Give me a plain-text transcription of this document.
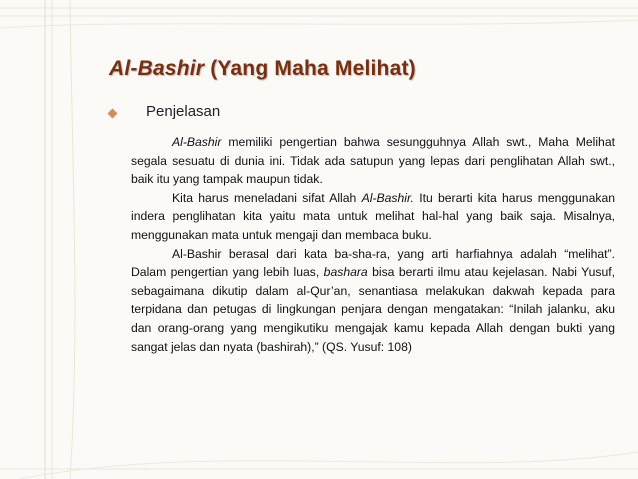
Al-Bashir (Yang Maha Melihat)
Penjelasan

Al-Bashir memiliki pengertian bahwa sesungguhnya Allah swt., Maha Melihat segala sesuatu di dunia ini. Tidak ada satupun yang lepas dari penglihatan Allah swt., baik itu yang tampak maupun tidak.

Kita harus meneladani sifat Allah Al-Bashir. Itu berarti kita harus menggunakan indera penglihatan kita yaitu mata untuk melihat hal-hal yang baik saja. Misalnya, menggunakan mata untuk mengaji dan membaca buku.

Al-Bashir berasal dari kata ba-sha-ra, yang arti harfiahnya adalah “melihat”. Dalam pengertian yang lebih luas, bashara bisa berarti ilmu atau kejelasan. Nabi Yusuf, sebagaimana dikutip dalam al-Qur’an, senantiasa melakukan dakwah kepada para terpidana dan petugas di lingkungan penjara dengan mengatakan: “Inilah jalanku, aku dan orang-orang yang mengikutiku mengajak kamu kepada Allah dengan bukti yang sangat jelas dan nyata (bashirah),” (QS. Yusuf: 108)
